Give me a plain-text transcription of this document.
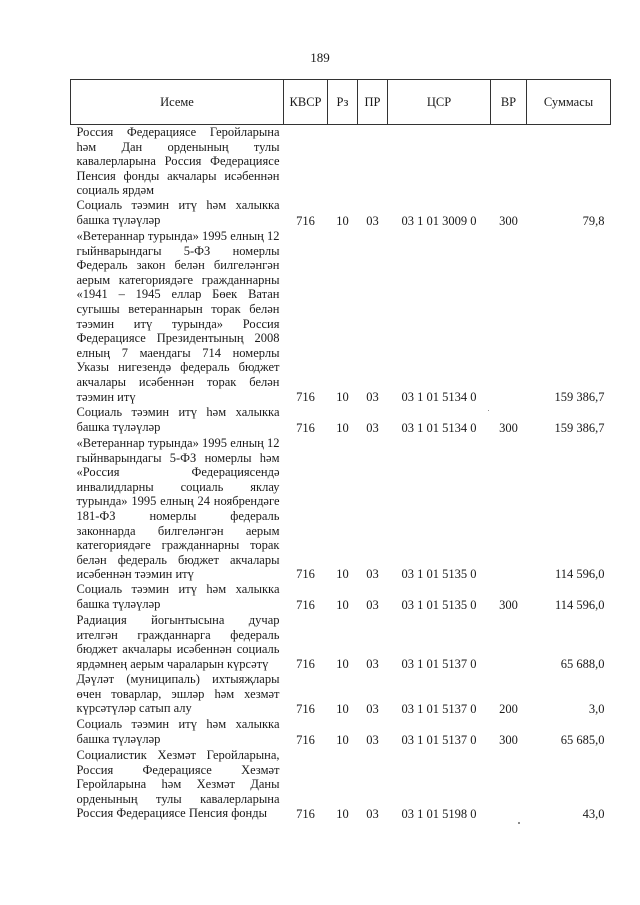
189
Исеме	КВСР	Рз	ПР	ЦСР	ВР	Суммасы
Россия Федерациясе Геройларына һәм Дан орденының тулы кавалерларына Россия Федерациясе Пенсия фонды акчалары исәбеннән социаль ярдәм						
Социаль тәэмин итү һәм халыкка башка түләүләр	716	10	03	03 1 01 3009 0	300	79,8
«Ветераннар турында» 1995 елның 12 гыйнварындагы 5-ФЗ номерлы Федераль закон белән билгеләнгән аерым категориядәге гражданнарны «1941 – 1945 еллар Бөек Ватан сугышы ветераннарын торак белән тәэмин итү турында» Россия Федерациясе Президентының 2008 елның 7 маендагы 714 номерлы Указы нигезендә федераль бюджет акчалары исәбеннән торак белән тәэмин итү	716	10	03	03 1 01 5134 0		159 386,7
Социаль тәэмин итү һәм халыкка башка түләүләр	716	10	03	03 1 01 5134 0	300	159 386,7
«Ветераннар турында» 1995 елның 12 гыйнварындагы 5-ФЗ номерлы һәм «Россия Федерациясендә инвалидларны социаль яклау турында» 1995 елның 24 ноябрендәге 181-ФЗ номерлы федераль законнарда билгеләнгән аерым категориядәге гражданнарны торак белән федераль бюджет акчалары исәбеннән тәэмин итү	716	10	03	03 1 01 5135 0		114 596,0
Социаль тәэмин итү һәм халыкка башка түләүләр	716	10	03	03 1 01 5135 0	300	114 596,0
Радиация йогынтысына дучар ителгән гражданнарга федераль бюджет акчалары исәбеннән социаль ярдәмнең аерым чараларын күрсәтү	716	10	03	03 1 01 5137 0		65 688,0
Дәүләт (муниципаль) ихтыяҗлары өчен товарлар, эшләр һәм хезмәт күрсәтүләр сатып алу	716	10	03	03 1 01 5137 0	200	3,0
Социаль тәэмин итү һәм халыкка башка түләүләр	716	10	03	03 1 01 5137 0	300	65 685,0
Социалистик Хезмәт Геройларына, Россия Федерациясе Хезмәт Геройларына һәм Хезмәт Даны орденының тулы кавалерларына Россия Федерациясе Пенсия фонды	716	10	03	03 1 01 5198 0		43,0
